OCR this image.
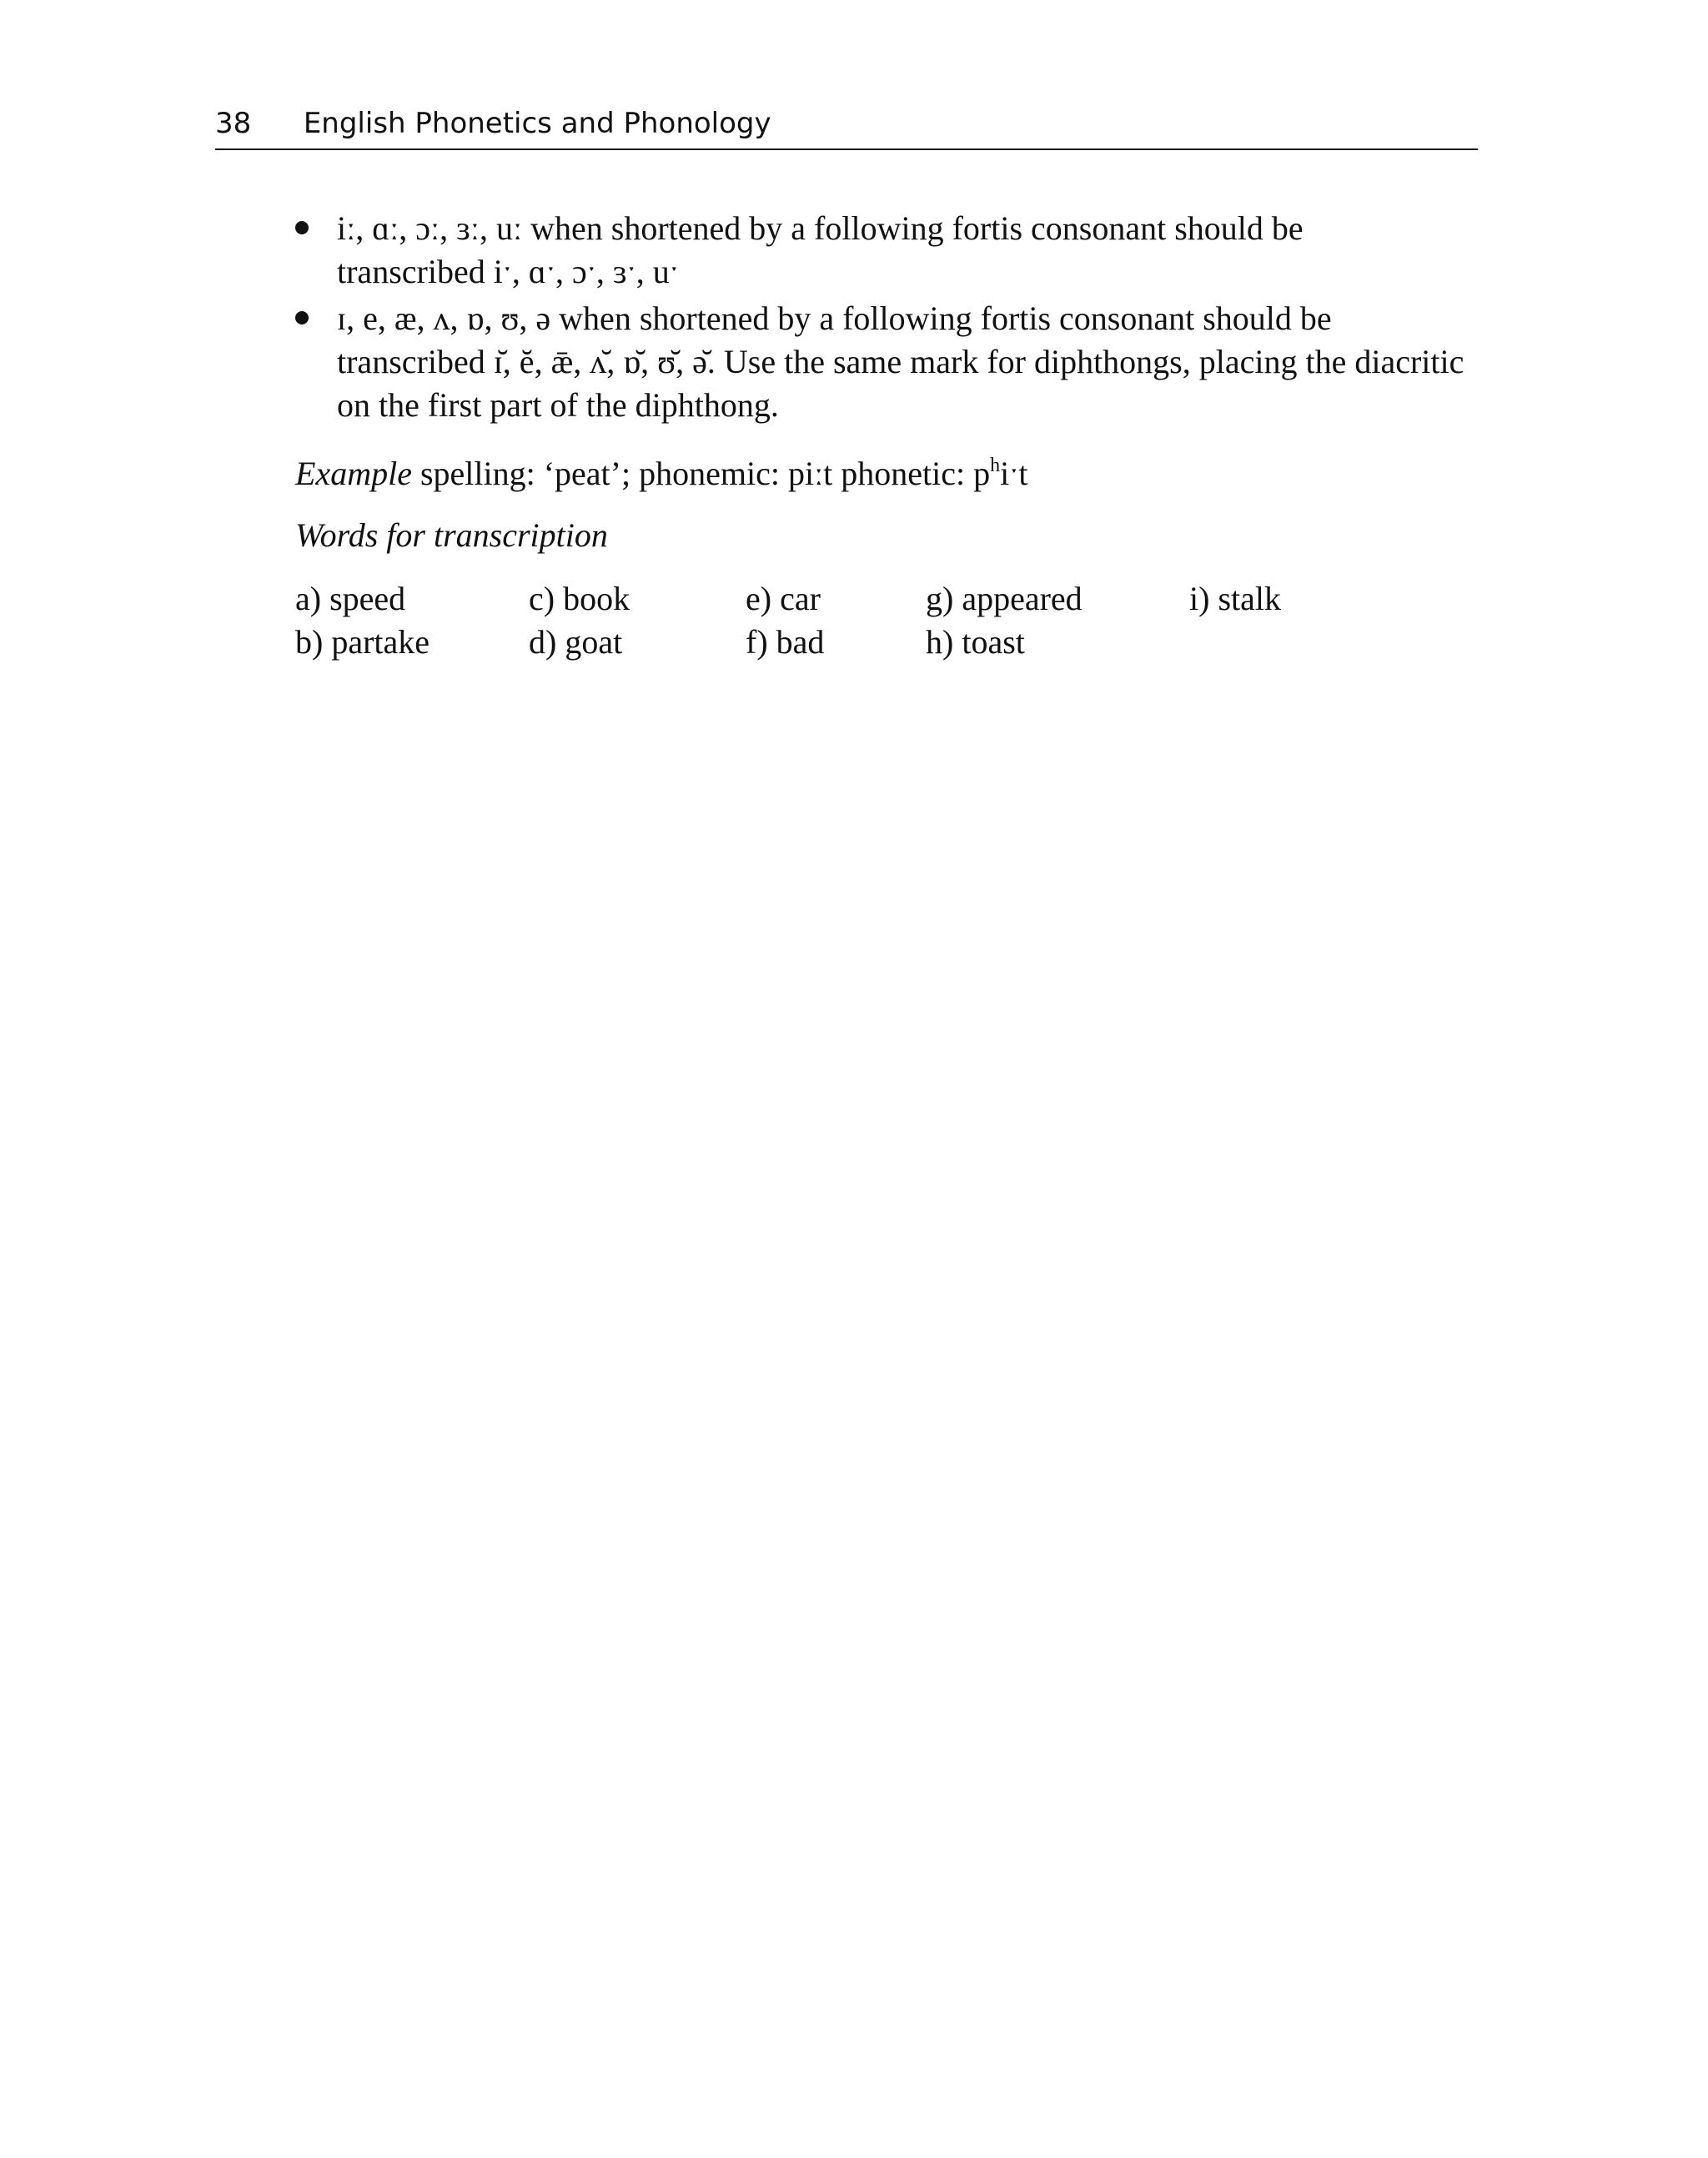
38 English Phonetics and Phonology
iː, ɑː, ɔː, ɜː, uː when shortened by a following fortis consonant should be
transcribed iˑ, ɑˑ, ɔˑ, ɜˑ, uˑ
ɪ, e, æ, ʌ, ɒ, ʊ, ə when shortened by a following fortis consonant should be transcribed ɪ̆, ĕ, ǣ, ʌ̆, ɒ̆, ʊ̆, ə̆. Use the same mark for diphthongs, placing the diacritic on the first part of the diphthong.
Example spelling: ‘peat’; phonemic: piːt phonetic: $p^hiˑt$
Words for transcription
a) speed
b) partake
c) book
d) goat
e) car
f) bad
g) appeared
h) toast
i) stalk
